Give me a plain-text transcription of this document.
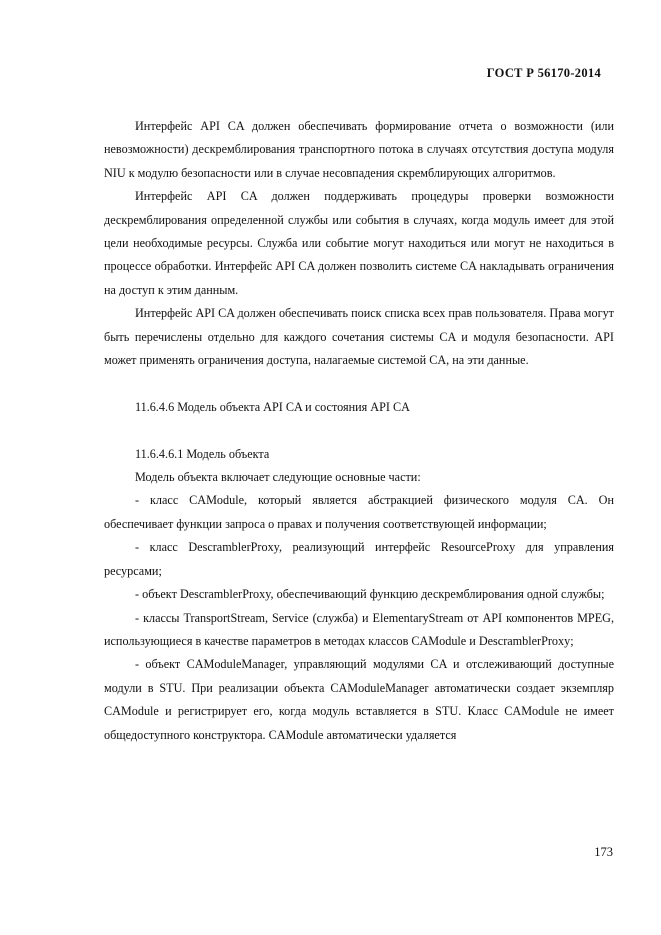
ГОСТ Р 56170-2014

Интерфейс API CA должен обеспечивать формирование отчета о возможности (или невозможности) дескремблирования транспортного потока в случаях отсутствия доступа модуля NIU к модулю безопасности или в случае несовпадения скремблирующих алгоритмов.

Интерфейс API CA должен поддерживать процедуры проверки возможности дескремблирования определенной службы или события в случаях, когда модуль имеет для этой цели необходимые ресурсы. Служба или событие могут находиться или могут не находиться в процессе обработки. Интерфейс API CA должен позволить системе CA накладывать ограничения на доступ к этим данным.

Интерфейс API CA должен обеспечивать поиск списка всех прав пользователя. Права могут быть перечислены отдельно для каждого сочетания системы CA и модуля безопасности. API может применять ограничения доступа, налагаемые системой CA, на эти данные.

11.6.4.6 Модель объекта API CA и состояния API CA
11.6.4.6.1 Модель объекта

Модель объекта включает следующие основные части:

- класс CAModule, который является абстракцией физического модуля CA. Он обеспечивает функции запроса о правах и получения соответствующей информации;

- класс DescramblerProxy, реализующий интерфейс ResourceProxy для управления ресурсами;

- объект DescramblerProxy, обеспечивающий функцию дескремблирования одной службы;

- классы TransportStream, Service (служба) и ElementaryStream от API компонентов MPEG, использующиеся в качестве параметров в методах классов CAModule и DescramblerProxy;

- объект CAModuleManager, управляющий модулями CA и отслеживающий доступные модули в STU. При реализации объекта CAModuleManager автоматически создает экземпляр CAModule и регистрирует его, когда модуль вставляется в STU. Класс CAModule не имеет общедоступного конструктора. CAModule автоматически удаляется

173
